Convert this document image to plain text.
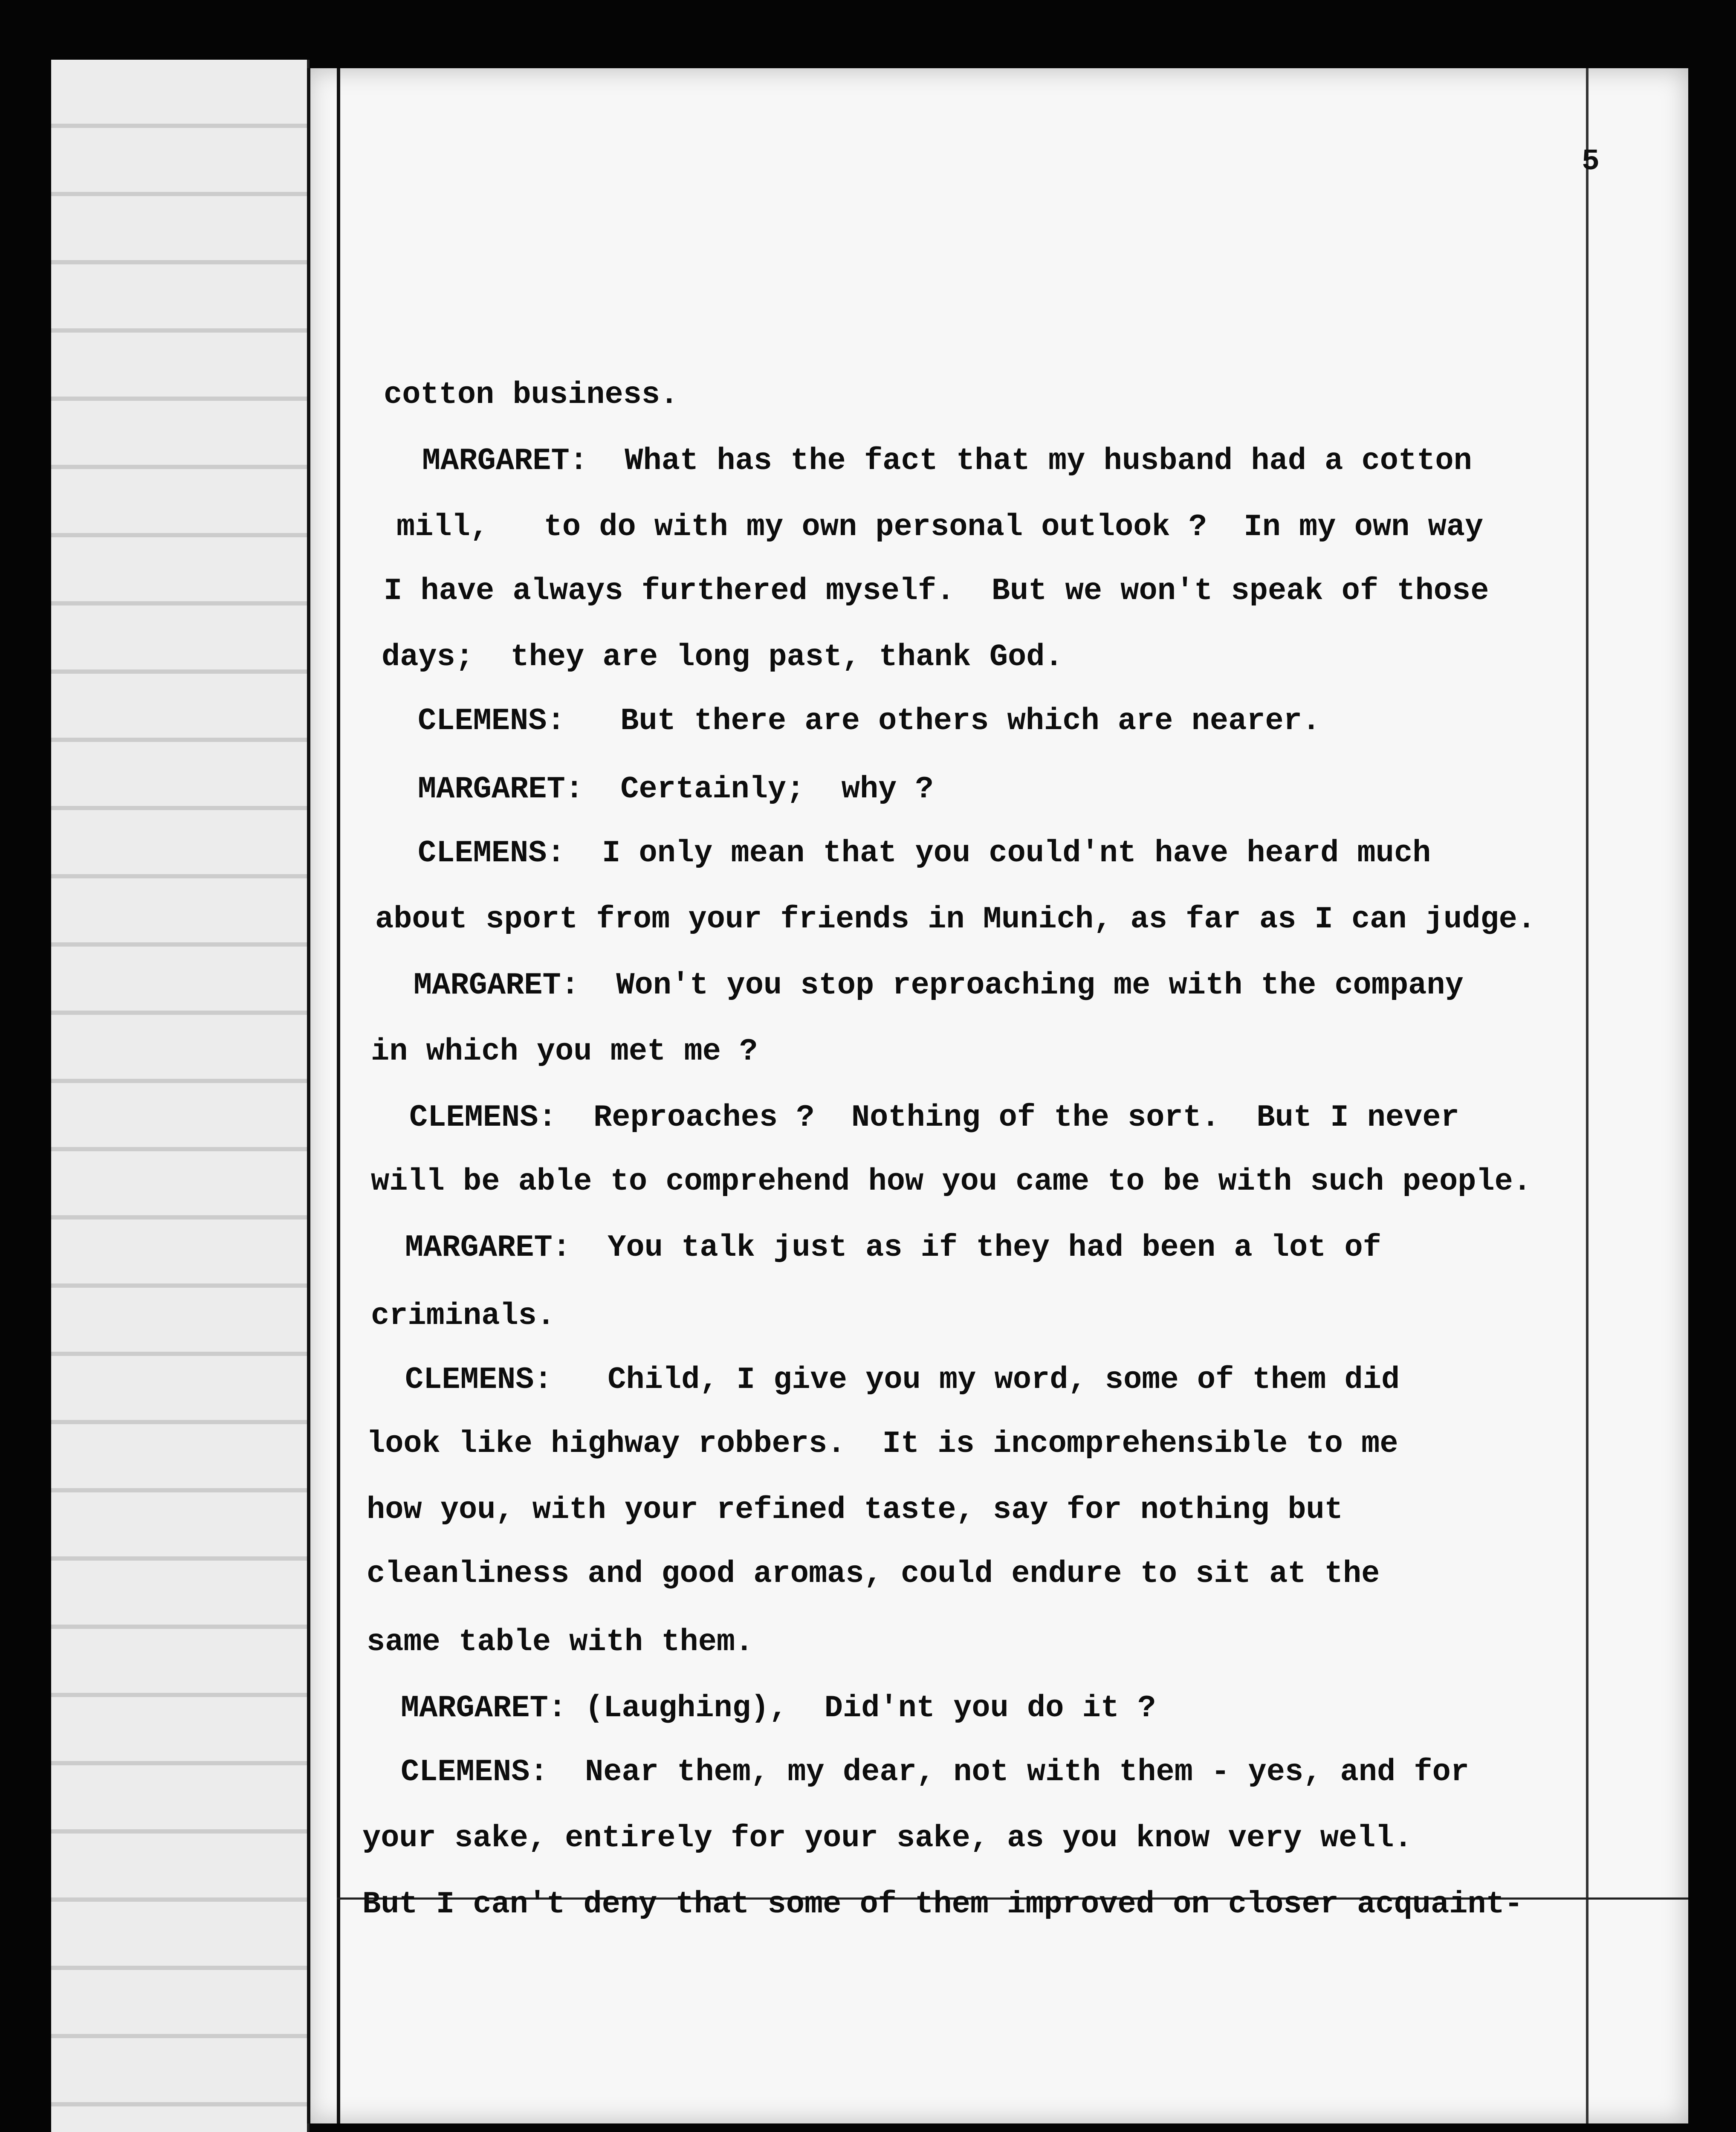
5
cotton business.
MARGARET:  What has the fact that my husband had a cotton
mill,   to do with my own personal outlook ?  In my own way
I have always furthered myself.  But we won't speak of those
days;  they are long past, thank God.
CLEMENS:   But there are others which are nearer.
MARGARET:  Certainly;  why ?
CLEMENS:  I only mean that you could'nt have heard much
about sport from your friends in Munich, as far as I can judge.
MARGARET:  Won't you stop reproaching me with the company
in which you met me ?
CLEMENS:  Reproaches ?  Nothing of the sort.  But I never
will be able to comprehend how you came to be with such people.
MARGARET:  You talk just as if they had been a lot of
criminals.
CLEMENS:   Child, I give you my word, some of them did
look like highway robbers.  It is incomprehensible to me
how you, with your refined taste, say for nothing but
cleanliness and good aromas, could endure to sit at the
same table with them.
MARGARET: (Laughing),  Did'nt you do it ?
CLEMENS:  Near them, my dear, not with them - yes, and for
your sake, entirely for your sake, as you know very well.
But I can't deny that some of them improved on closer acquaint-
